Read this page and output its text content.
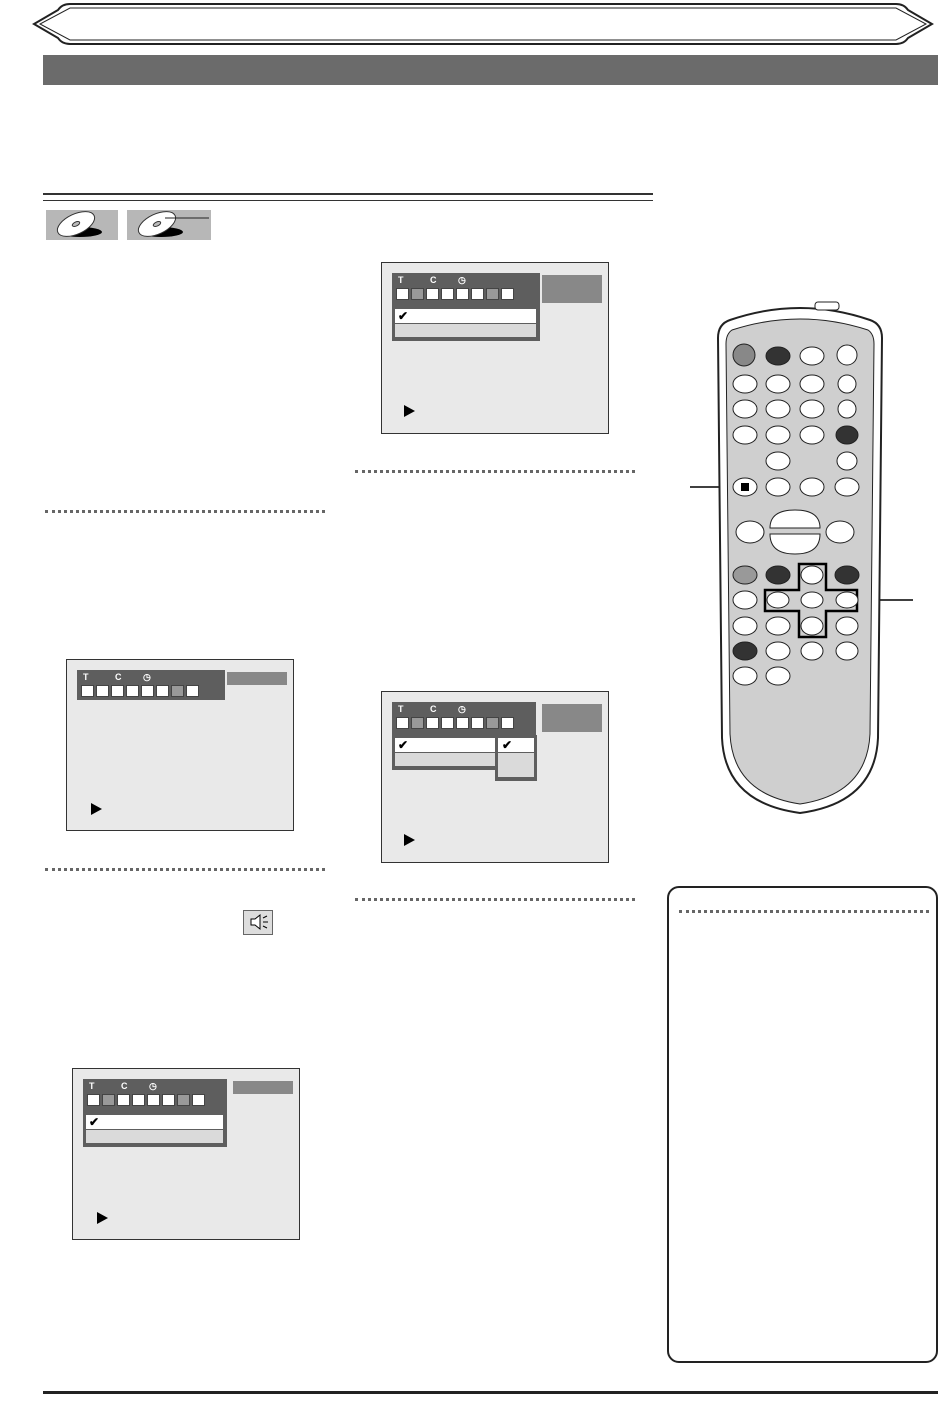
T	C ◷
T	C ◷
✔
T	C ◷
✔
T	C ◷
✔	✔
